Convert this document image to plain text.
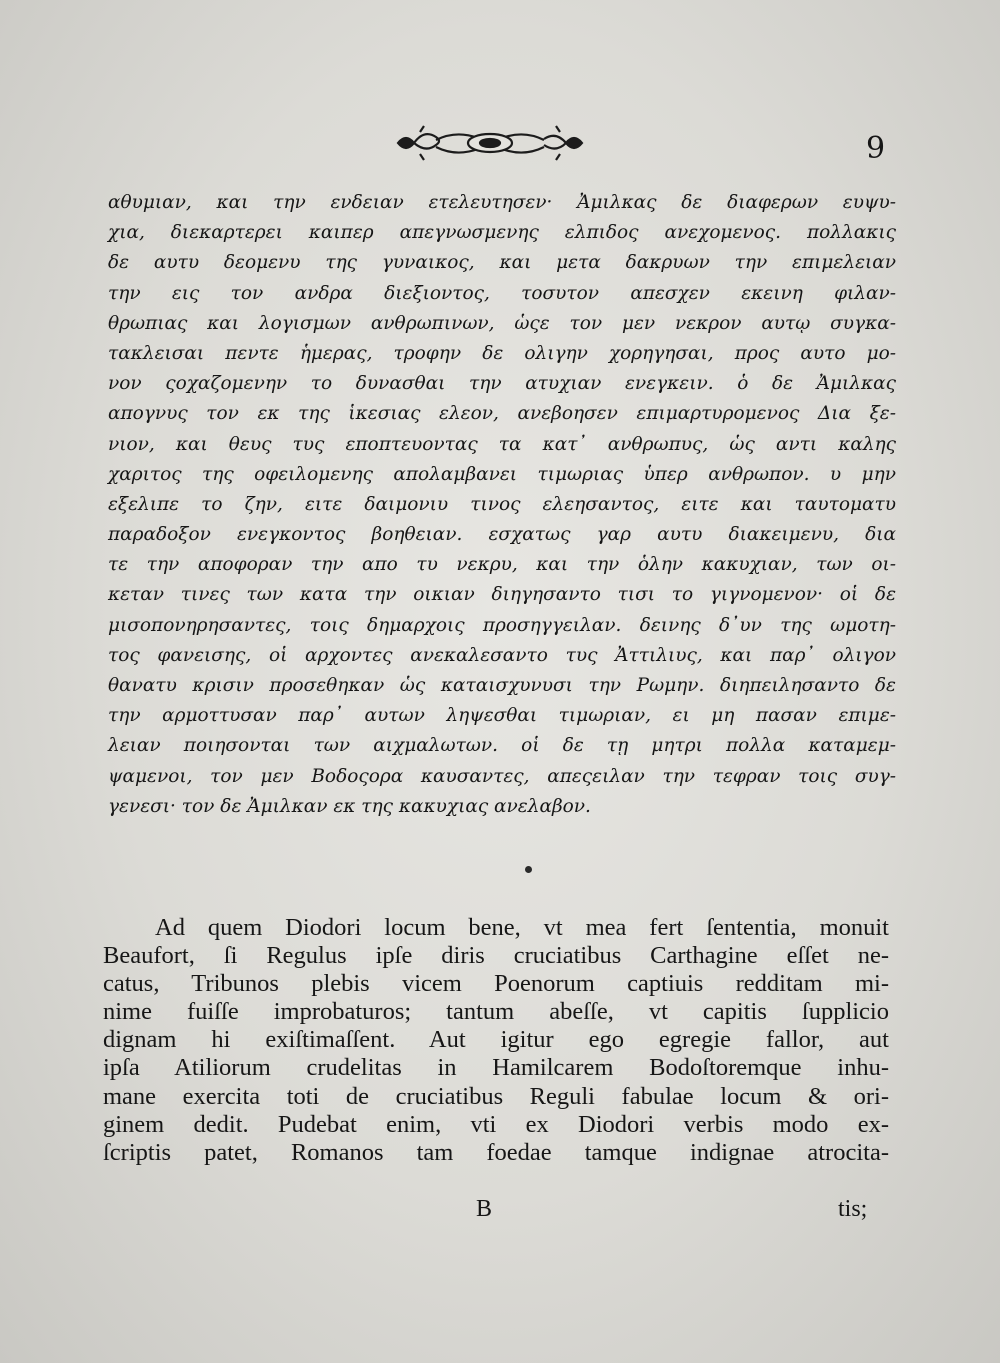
9
αθυμιαν, και την ενδειαν ετελευτησεν· Ἀμιλκας δε διαφερων ευψυ-
χια, διεκαρτερει καιπερ απεγνωσμενης ελπιδος ανεχομενος. πολλακις
δε αυτυ δεομενυ της γυναικος, και μετα δακρυων την επιμελειαν
την εις τον ανδρα διεξιοντος, τοσυτον απεσχεν εκεινη φιλαν-
θρωπιας και λογισμων ανθρωπινων, ὡςε τον μεν νεκρον αυτῳ συγκα-
τακλεισαι πεντε ἡμερας, τροφην δε ολιγην χορηγησαι, προς αυτο μο-
νον ςοχαζομενην το δυνασθαι την ατυχιαν ενεγκειν. ὁ δε Ἀμιλκας
απογνυς τον εκ της ἱκεσιας ελεον, ανεβοησεν επιμαρτυρομενος Δια ξε-
νιον, και θευς τυς εποπτευοντας τα κατ᾽ ανθρωπυς, ὡς αντι καλης
χαριτος της οφειλομενης απολαμβανει τιμωριας ὑπερ ανθρωπον. υ μην
εξελιπε το ζην, ειτε δαιμονιυ τινος ελεησαντος, ειτε και ταυτοματυ
παραδοξον ενεγκοντος βοηθειαν. εσχατως γαρ αυτυ διακειμενυ, δια
τε την αποφοραν την απο τυ νεκρυ, και την ὁλην κακυχιαν, των οι-
κεταν τινες των κατα την οικιαν διηγησαντο τισι το γιγνομενον· οἱ δε
μισοπονηρησαντες, τοις δημαρχοις προσηγγειλαν. δεινης δ᾽υν της ωμοτη-
τος φανεισης, οἱ αρχοντες ανεκαλεσαντο τυς Ἀττιλιυς, και παρ᾽ ολιγον
θανατυ κρισιν προσεθηκαν ὡς καταισχυνυσι την Ρωμην. διηπειλησαντο δε
την αρμοττυσαν παρ᾽ αυτων ληψεσθαι τιμωριαν, ει μη πασαν επιμε-
λειαν ποιησονται των αιχμαλωτων. οἱ δε τῃ μητρι πολλα καταμεμ-
ψαμενοι, τον μεν Βοδοςορα καυσαντες, απεςειλαν την τεφραν τοις συγ-
γενεσι· τον δε Ἀμιλκαν εκ της κακυχιας ανελαβον.
Ad quem Diodori locum bene, vt mea fert ſententia, monuit
Beaufort, ſi Regulus ipſe diris cruciatibus Carthagine eſſet ne-
catus, Tribunos plebis vicem Poenorum captiuis redditam mi-
nime fuiſſe improbaturos; tantum abeſſe, vt capitis ſupplicio
dignam hi exiſtimaſſent. Aut igitur ego egregie fallor, aut
ipſa Atiliorum crudelitas in Hamilcarem Bodoſtoremque inhu-
mane exercita toti de cruciatibus Reguli fabulae locum & ori-
ginem dedit. Pudebat enim, vti ex Diodori verbis modo ex-
ſcriptis patet, Romanos tam foedae tamque indignae atrocita-
B	tis;
